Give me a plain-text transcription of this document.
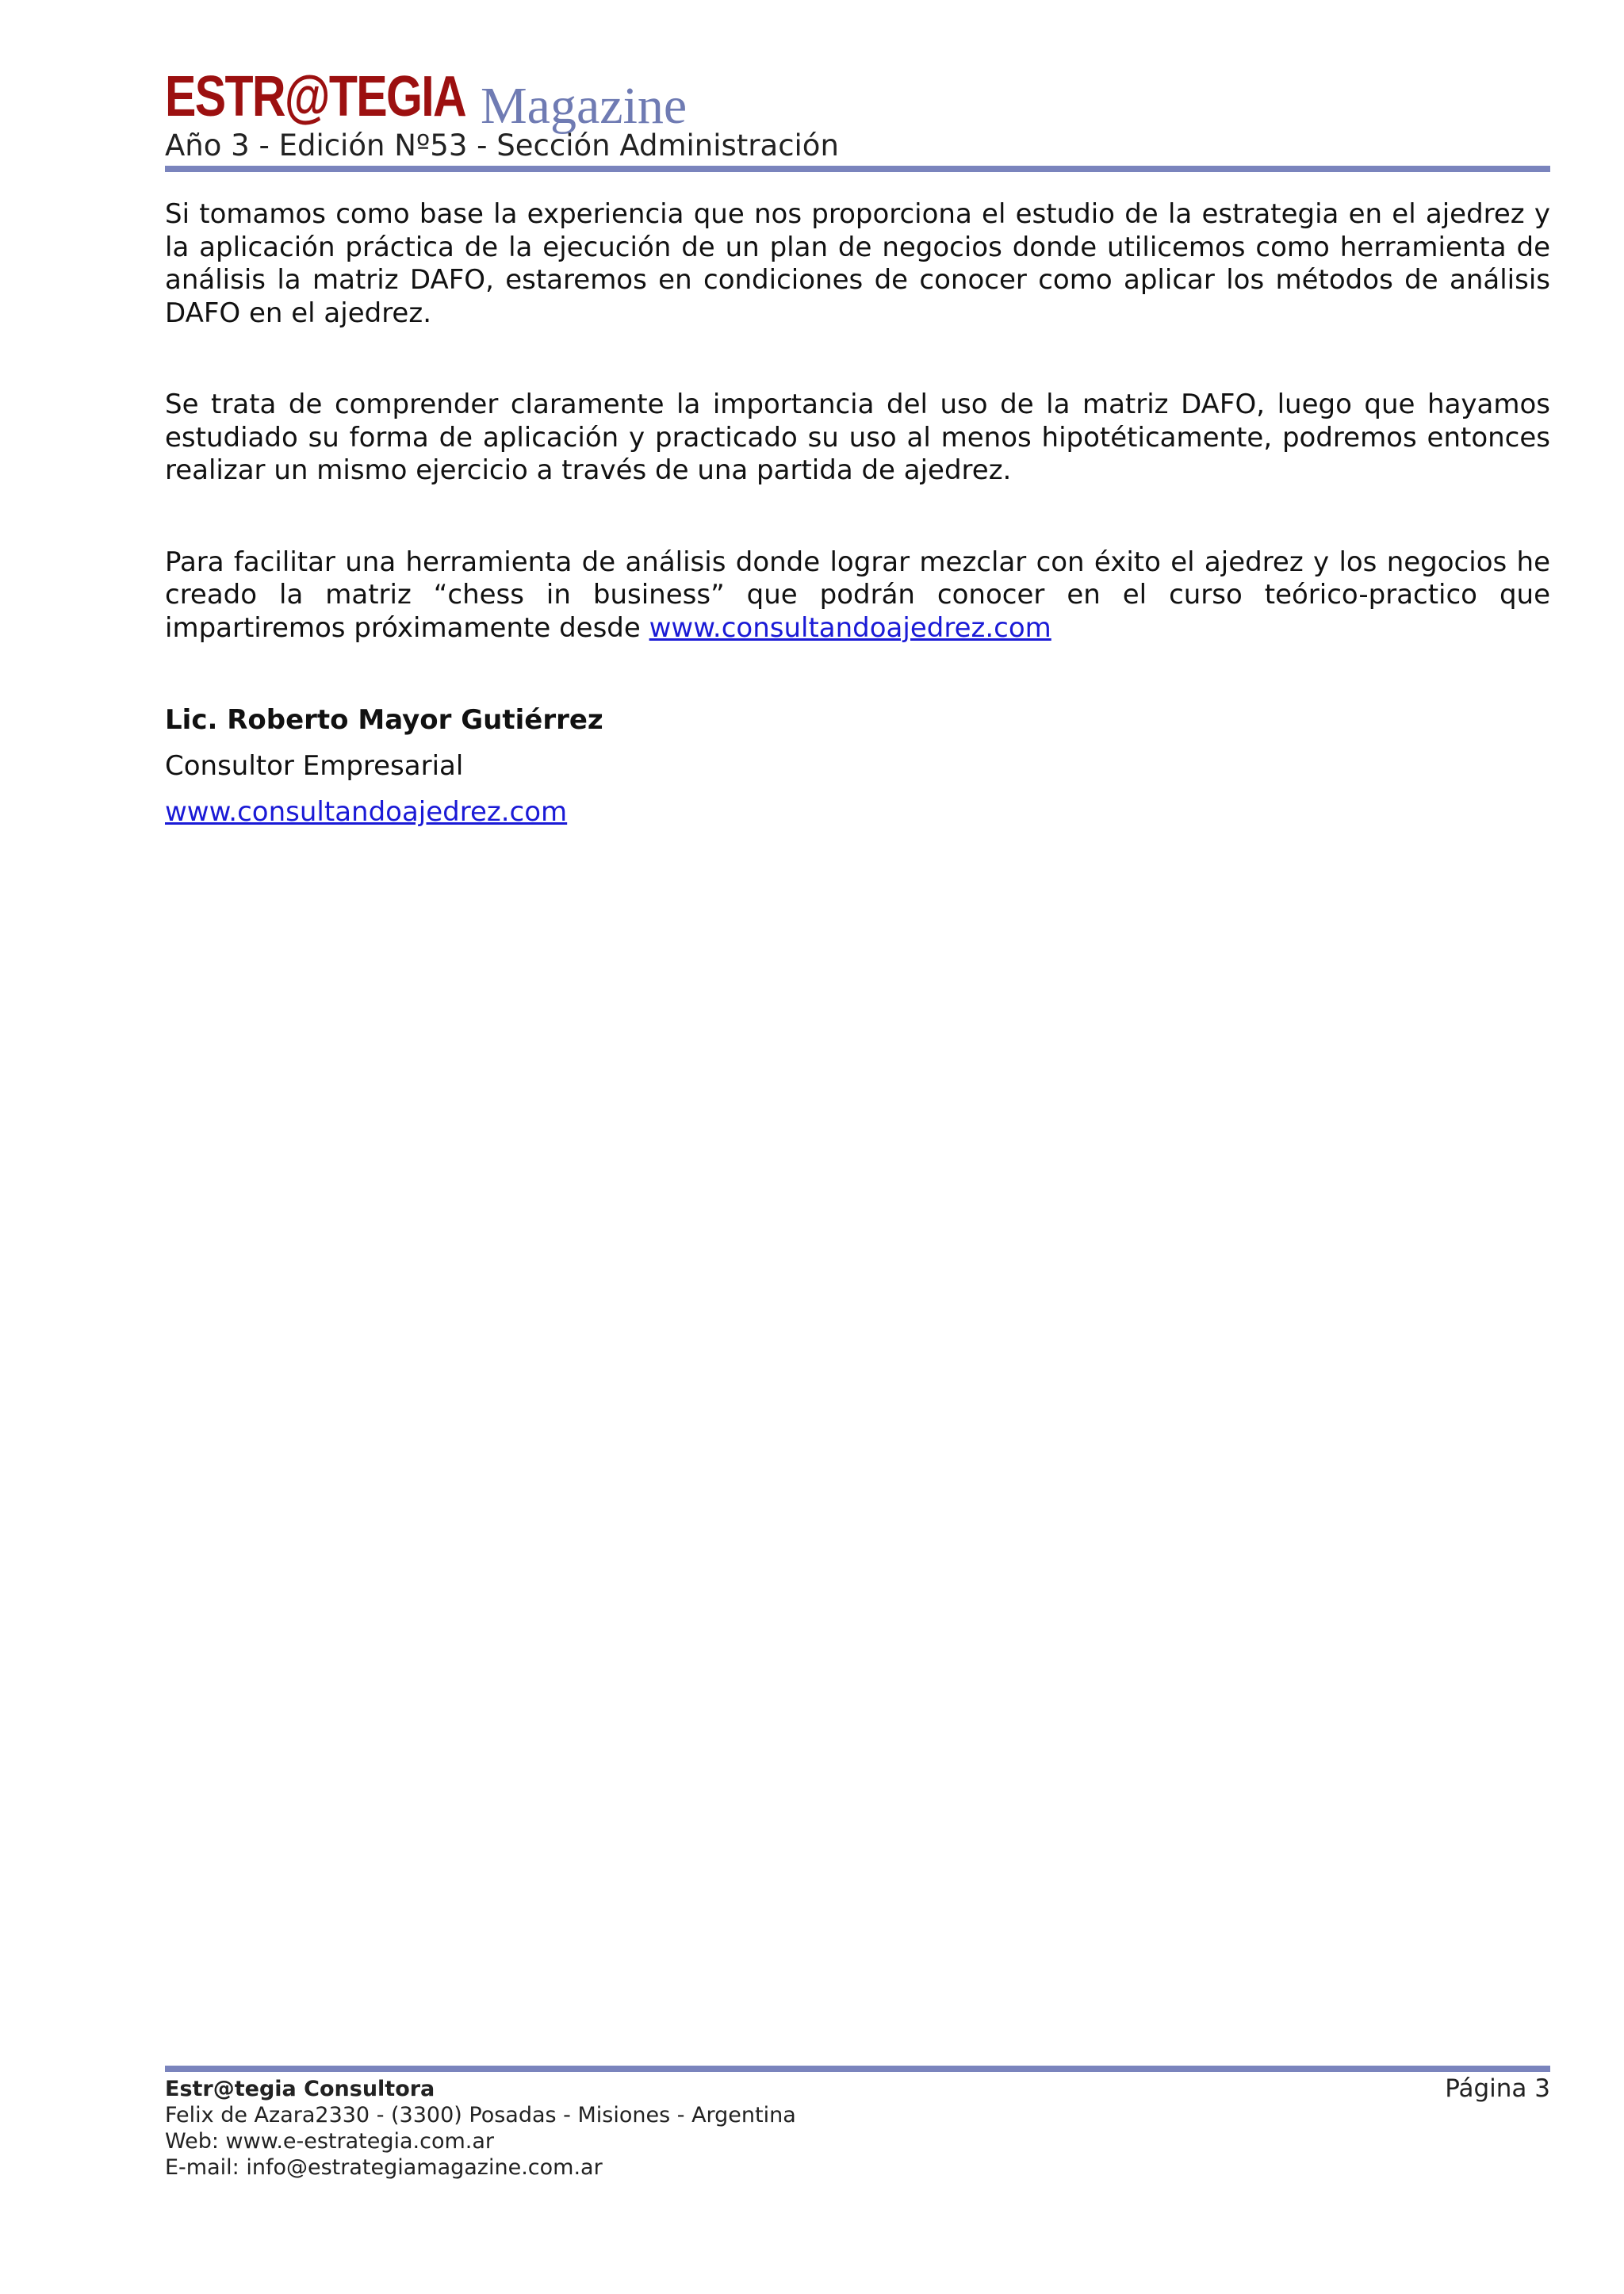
ESTR@TEGIA Magazine
Año 3 - Edición Nº53 - Sección Administración

Si tomamos como base la experiencia que nos proporciona el estudio de la estrategia en el ajedrez y la aplicación práctica de la ejecución de un plan de negocios donde utilicemos como herramienta de análisis la matriz DAFO, estaremos en condiciones de conocer como aplicar los métodos de análisis DAFO en el ajedrez.

Se trata de comprender claramente la importancia del uso de la matriz DAFO, luego que hayamos estudiado su forma de aplicación y practicado su uso al menos hipotéticamente, podremos entonces realizar un mismo ejercicio a través de una partida de ajedrez.

Para facilitar una herramienta de análisis donde lograr mezclar con éxito el ajedrez y los negocios he creado la matriz “chess in business” que podrán conocer en el curso teórico-practico que impartiremos próximamente desde www.consultandoajedrez.com

Lic. Roberto Mayor Gutiérrez

Consultor Empresarial

www.consultandoajedrez.com

Estr@tegia Consultora

Felix de Azara2330 - (3300) Posadas - Misiones - Argentina

Web: www.e-estrategia.com.ar

E-mail: info@estrategiamagazine.com.ar

Página 3
